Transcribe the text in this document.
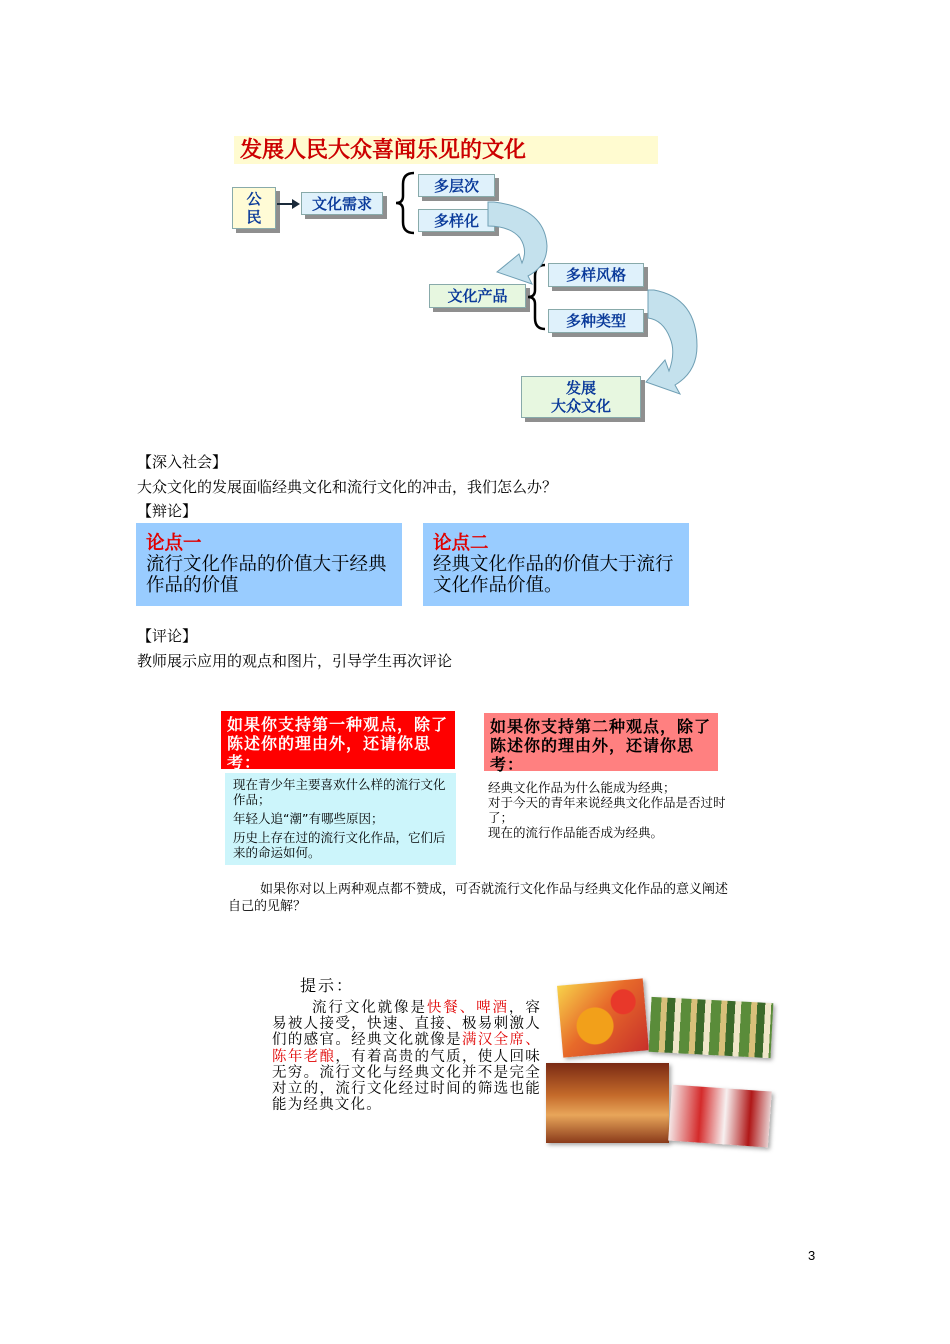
发展人民大众喜闻乐见的文化
公民
文化需求
多层次
多样化
文化产品
多样风格
多种类型
发展
大众文化
【深入社会】
大众文化的发展面临经典文化和流行文化的冲击，我们怎么办？
【辩论】
论点一
流行文化作品的价值大于经典作品的价值
论点二
经典文化作品的价值大于流行文化作品价值。
【评论】
教师展示应用的观点和图片，引导学生再次评论
如果你支持第一种观点，除了陈述你的理由外，还请你思考：

现在青少年主要喜欢什么样的流行文化作品；

年轻人追“潮”有哪些原因；

历史上存在过的流行文化作品，它们后来的命运如何。

如果你支持第二种观点，除了陈述你的理由外，还请你思考：

经典文化作品为什么能成为经典；

对于今天的青年来说经典文化作品是否过时了；

现在的流行作品能否成为经典。

如果你对以上两种观点都不赞成，可否就流行文化作品与经典文化作品的意义阐述自己的见解？
提示：
流行文化就像是快餐、啤酒，容易被人接受，快速、直接、极易刺激人们的感官。经典文化就像是满汉全席、陈年老酿，有着高贵的气质，使人回味无穷。流行文化与经典文化并不是完全对立的，流行文化经过时间的筛选也能能为经典文化。
3
